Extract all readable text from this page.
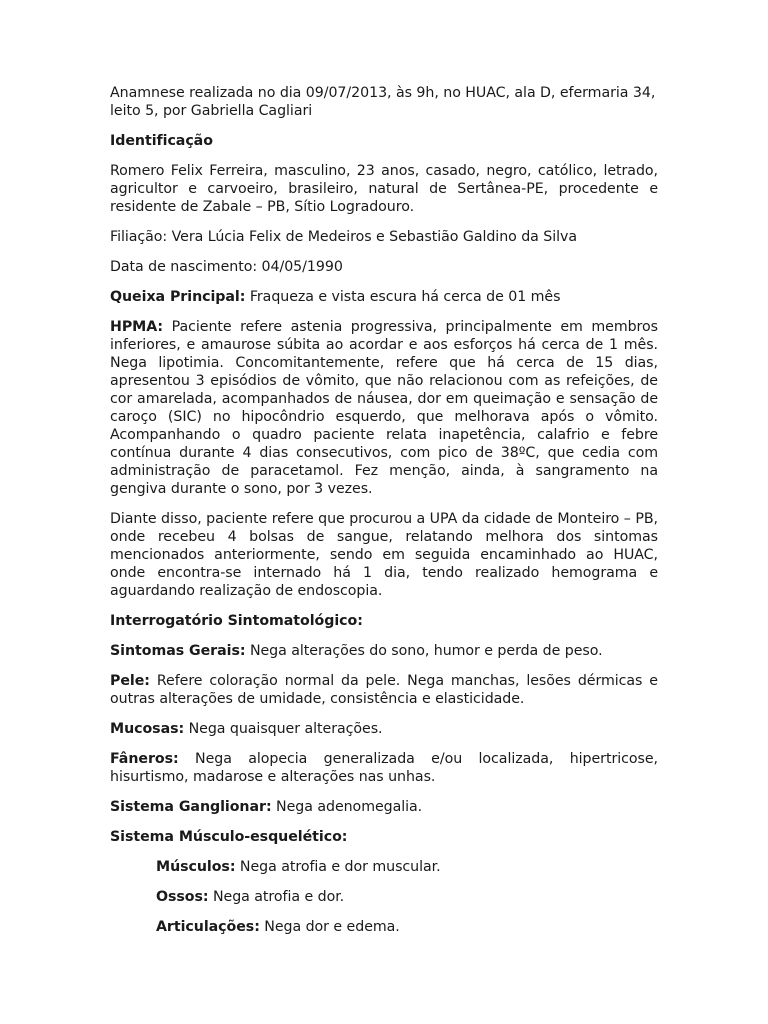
Anamnese realizada no dia 09/07/2013, às 9h, no HUAC, ala D, efermaria 34, leito 5, por Gabriella Cagliari

Identificação

Romero Felix Ferreira, masculino, 23 anos, casado, negro, católico, letrado, agricultor e carvoeiro, brasileiro, natural de Sertânea-PE, procedente e residente de Zabale – PB, Sítio Logradouro.

Filiação: Vera Lúcia Felix de Medeiros e Sebastião Galdino da Silva

Data de nascimento: 04/05/1990

Queixa Principal: Fraqueza e vista escura há cerca de 01 mês

HPMA: Paciente refere astenia progressiva, principalmente em membros inferiores, e amaurose súbita ao acordar e aos esforços há cerca de 1 mês. Nega lipotimia. Concomitantemente, refere que há cerca de 15 dias, apresentou 3 episódios de vômito, que não relacionou com as refeições, de cor amarelada, acompanhados de náusea, dor em queimação e sensação de caroço (SIC) no hipocôndrio esquerdo, que melhorava após o vômito. Acompanhando o quadro paciente relata inapetência, calafrio e febre contínua durante 4 dias consecutivos, com pico de 38ºC, que cedia com administração de paracetamol. Fez menção, ainda, à sangramento na gengiva durante o sono, por 3 vezes.

Diante disso, paciente refere que procurou a UPA da cidade de Monteiro – PB, onde recebeu 4 bolsas de sangue, relatando melhora dos sintomas mencionados anteriormente, sendo em seguida encaminhado ao HUAC, onde encontra-se internado há 1 dia, tendo realizado hemograma e aguardando realização de endoscopia.

Interrogatório Sintomatológico:

Sintomas Gerais: Nega alterações do sono, humor e perda de peso.

Pele: Refere coloração normal da pele. Nega manchas, lesões dérmicas e outras alterações de umidade, consistência e elasticidade.

Mucosas: Nega quaisquer alterações.

Fâneros: Nega alopecia generalizada e/ou localizada, hipertricose, hisurtismo, madarose e alterações nas unhas.

Sistema Ganglionar: Nega adenomegalia.

Sistema Músculo-esquelético:

Músculos: Nega atrofia e dor muscular.

Ossos: Nega atrofia e dor.

Articulações: Nega dor e edema.
